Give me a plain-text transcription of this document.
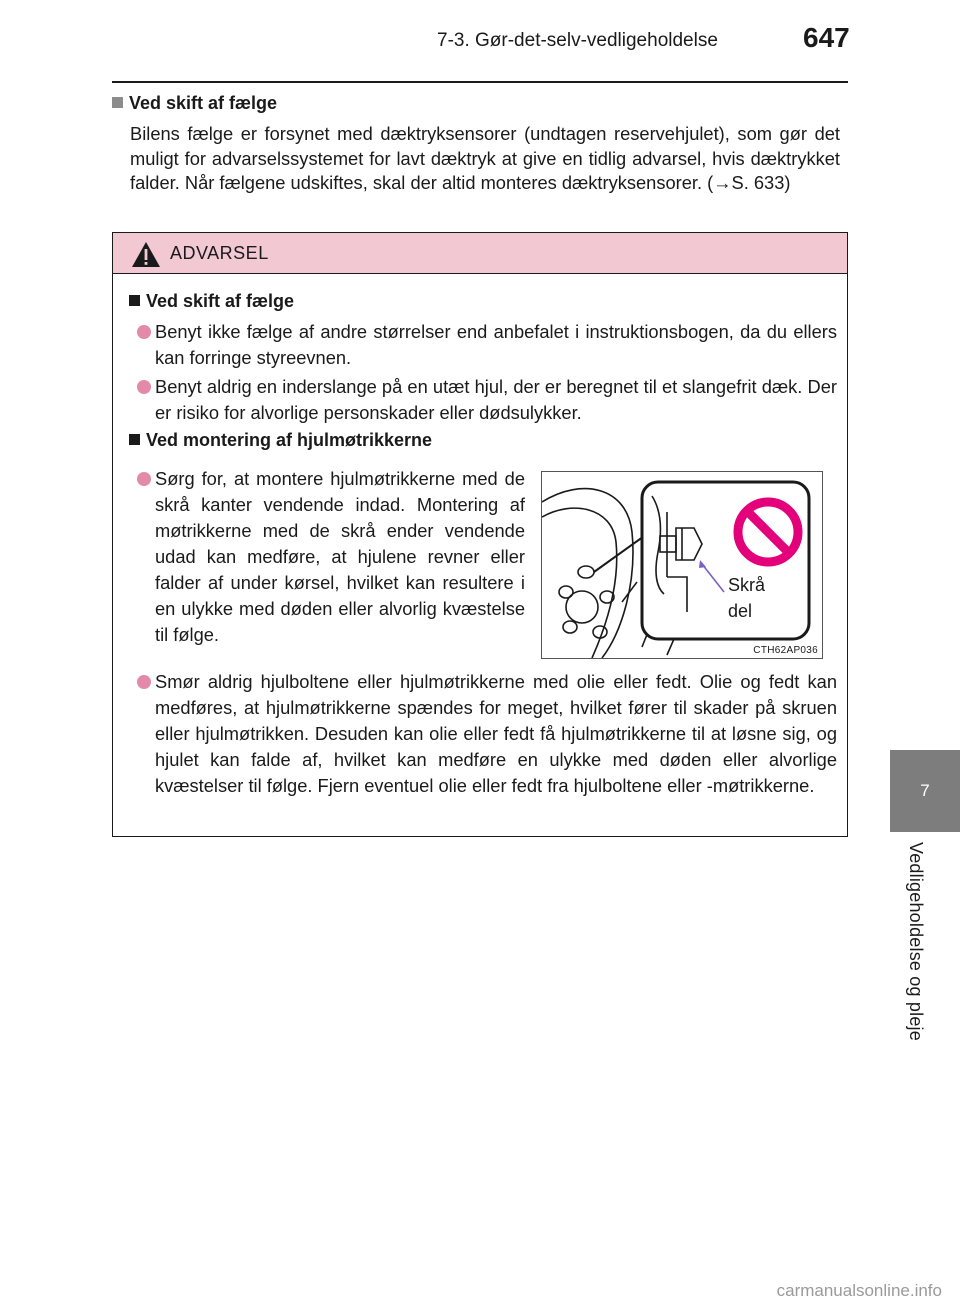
7-3. Gør-det-selv-vedligeholdelse	647
7
Vedligeholdelse og pleje
Ved skift af fælge
Bilens fælge er forsynet med dæktryksensorer (undtagen reservehjulet), som gør det muligt for advarselssystemet for lavt dæktryk at give en tidlig advarsel, hvis dæktrykket falder. Når fælgene udskiftes, skal der altid monteres dæktryksensorer. (→S. 633)
ADVARSEL
Ved skift af fælge
Benyt ikke fælge af andre størrelser end anbefalet i instruktionsbogen, da du ellers kan forringe styreevnen.
Benyt aldrig en inderslange på en utæt hjul, der er beregnet til et slangefrit dæk. Der er risiko for alvorlige personskader eller dødsulykker.
Ved montering af hjulmøtrikkerne
Sørg for, at montere hjulmøtrikkerne med de skrå kanter vendende indad. Montering af møtrikkerne med de skrå ender vendende udad kan medføre, at hjulene revner eller falder af under kørsel, hvilket kan resultere i en ulykke med døden eller alvorlig kvæstelse til følge.
Skrå del
CTH62AP036
Smør aldrig hjulboltene eller hjulmøtrikkerne med olie eller fedt. Olie og fedt kan medføres, at hjulmøtrikkerne spændes for meget, hvilket fører til skader på skruen eller hjulmøtrikken. Desuden kan olie eller fedt få hjulmøtrikkerne til at løsne sig, og hjulet kan falde af, hvilket kan medføre en ulykke med døden eller alvorlige kvæstelser til følge. Fjern eventuel olie eller fedt fra hjulboltene eller -møtrikkerne.
carmanualsonline.info
